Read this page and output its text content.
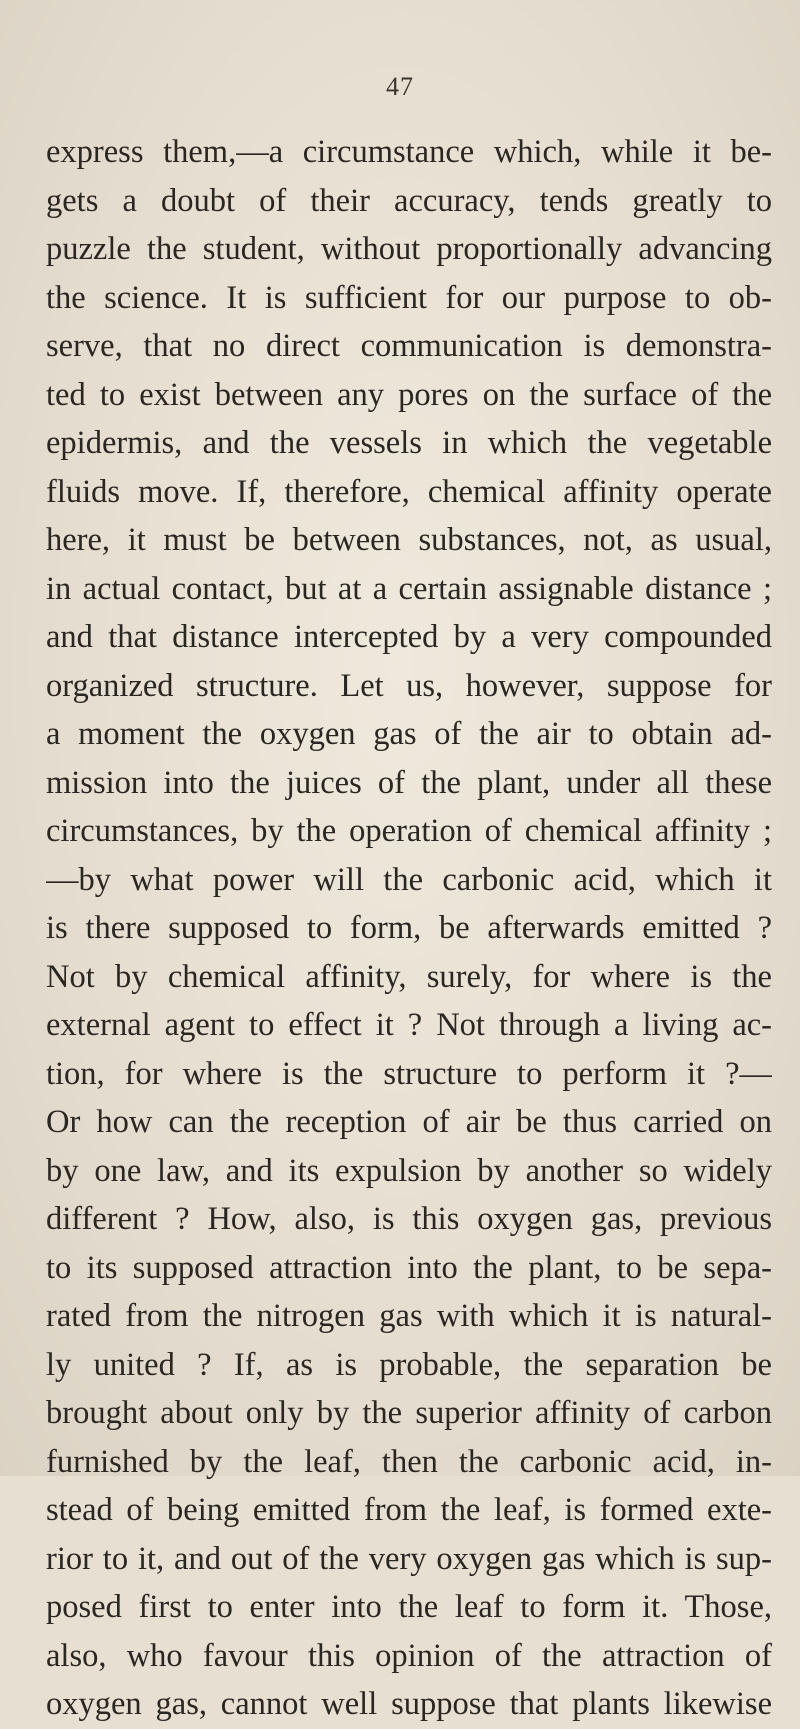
47
express them,—a circumstance which, while it be-
gets a doubt of their accuracy, tends greatly to
puzzle the student, without proportionally advancing
the science. It is sufficient for our purpose to ob-
serve, that no direct communication is demonstra-
ted to exist between any pores on the surface of the
epidermis, and the vessels in which the vegetable
fluids move. If, therefore, chemical affinity operate
here, it must be between substances, not, as usual,
in actual contact, but at a certain assignable distance ;
and that distance intercepted by a very compounded
organized structure. Let us, however, suppose for
a moment the oxygen gas of the air to obtain ad-
mission into the juices of the plant, under all these
circumstances, by the operation of chemical affinity ;
—by what power will the carbonic acid, which it
is there supposed to form, be afterwards emitted ?
Not by chemical affinity, surely, for where is the
external agent to effect it ? Not through a living ac-
tion, for where is the structure to perform it ?—
Or how can the reception of air be thus carried on
by one law, and its expulsion by another so widely
different ? How, also, is this oxygen gas, previous
to its supposed attraction into the plant, to be sepa-
rated from the nitrogen gas with which it is natural-
ly united ? If, as is probable, the separation be
brought about only by the superior affinity of carbon
furnished by the leaf, then the carbonic acid, in-
stead of being emitted from the leaf, is formed exte-
rior to it, and out of the very oxygen gas which is sup-
posed first to enter into the leaf to form it. Those,
also, who favour this opinion of the attraction of
oxygen gas, cannot well suppose that plants likewise
